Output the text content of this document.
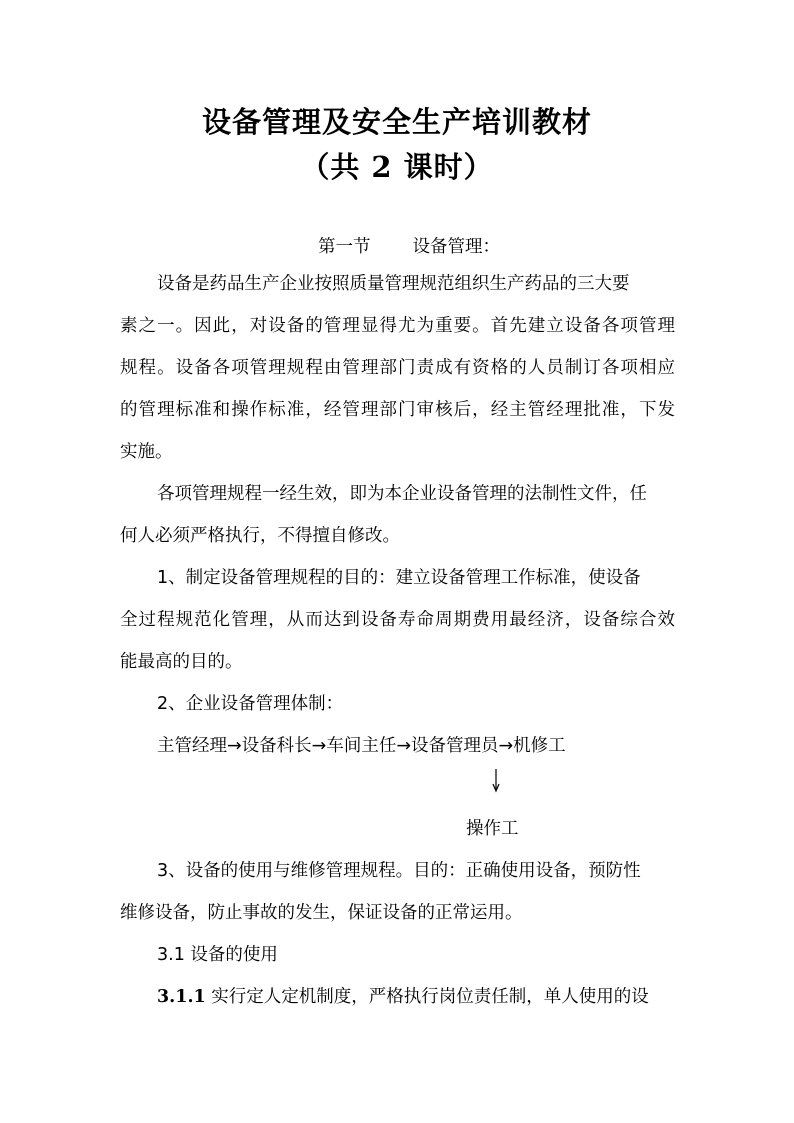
设备管理及安全生产培训教材
（共 2 课时）
第一节 设备管理：
设备是药品生产企业按照质量管理规范组织生产药品的三大要
素之一。因此，对设备的管理显得尤为重要。首先建立设备各项管理
规程。设备各项管理规程由管理部门责成有资格的人员制订各项相应
的管理标准和操作标准，经管理部门审核后，经主管经理批准，下发
实施。
各项管理规程一经生效，即为本企业设备管理的法制性文件，任
何人必须严格执行，不得擅自修改。
1、制定设备管理规程的目的：建立设备管理工作标准，使设备
全过程规范化管理，从而达到设备寿命周期费用最经济，设备综合效
能最高的目的。
2、企业设备管理体制：
主管经理→设备科长→车间主任→设备管理员→机修工
操作工
3、设备的使用与维修管理规程。目的：正确使用设备，预防性
维修设备，防止事故的发生，保证设备的正常运用。
3.1 设备的使用
3.1.1 实行定人定机制度，严格执行岗位责任制，单人使用的设
